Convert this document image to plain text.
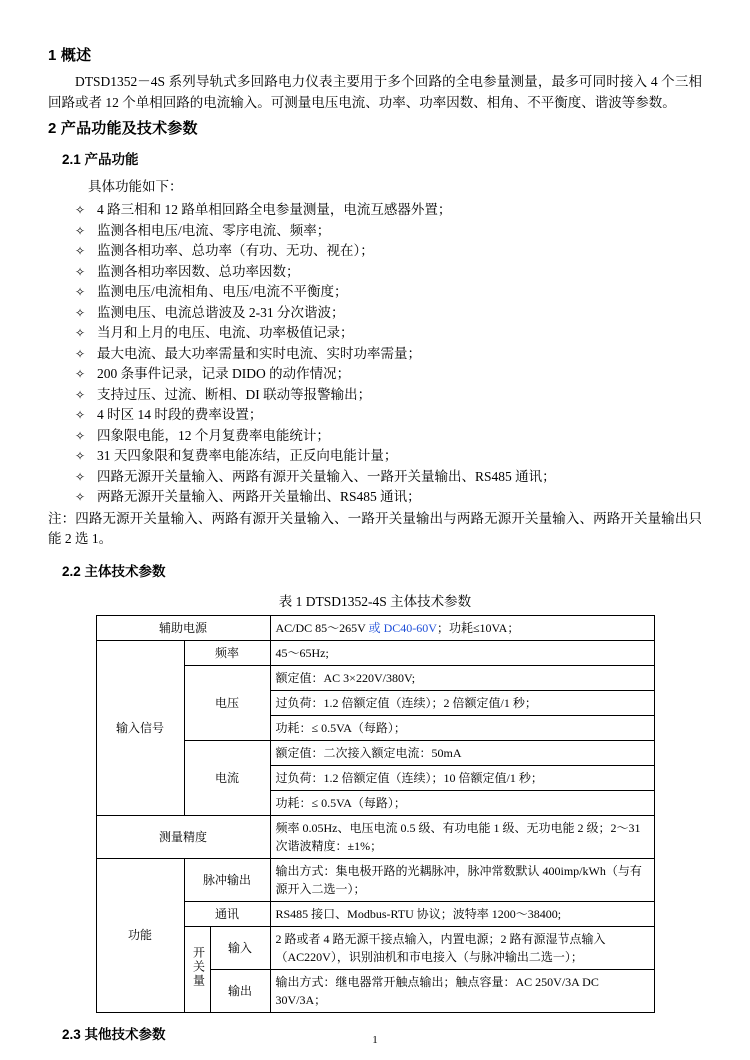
1 概述

DTSD1352－4S 系列导轨式多回路电力仪表主要用于多个回路的全电参量测量，最多可同时接入 4 个三相回路或者 12 个单相回路的电流输入。可测量电压电流、功率、功率因数、相角、不平衡度、谐波等参数。

2 产品功能及技术参数
2.1 产品功能
具体功能如下：
✧ 4 路三相和 12 路单相回路全电参量测量，电流互感器外置；
✧ 监测各相电压/电流、零序电流、频率；
✧ 监测各相功率、总功率（有功、无功、视在）；
✧ 监测各相功率因数、总功率因数；
✧ 监测电压/电流相角、电压/电流不平衡度；
✧ 监测电压、电流总谐波及 2-31 分次谐波；
✧ 当月和上月的电压、电流、功率极值记录；
✧ 最大电流、最大功率需量和实时电流、实时功率需量；
✧ 200 条事件记录，记录 DIDO 的动作情况；
✧ 支持过压、过流、断相、DI 联动等报警输出；
✧ 4 时区 14 时段的费率设置；
✧ 四象限电能，12 个月复费率电能统计；
✧ 31 天四象限和复费率电能冻结，正反向电能计量；
✧ 四路无源开关量输入、两路有源开关量输入、一路开关量输出、RS485 通讯；
✧ 两路无源开关量输入、两路开关量输出、RS485 通讯；

注：四路无源开关量输入、两路有源开关量输入、一路开关量输出与两路无源开关量输入、两路开关量输出只能 2 选 1。

2.2 主体技术参数
表 1 DTSD1352-4S 主体技术参数
辅助电源			AC/DC 85～265V 或 DC40-60V；功耗≤10VA；
输入信号	频率		45～65Hz;
	电压		额定值：AC 3×220V/380V;
			过负荷：1.2 倍额定值（连续）；2 倍额定值/1 秒；
			功耗：≤ 0.5VA（每路）；
	电流		额定值：二次接入额定电流：50mA
			过负荷：1.2 倍额定值（连续）；10 倍额定值/1 秒；
			功耗：≤ 0.5VA（每路）；
测量精度			频率 0.05Hz、电压电流 0.5 级、有功电能 1 级、无功电能 2 级；2～31 次谐波精度：±1%；
功能	脉冲输出		输出方式：集电极开路的光耦脉冲，脉冲常数默认 400imp/kWh（与有源开入二选一）；
	通讯		RS485 接口、Modbus-RTU 协议；波特率 1200～38400;
	开关量	输入	2 路或者 4 路无源干接点输入，内置电源；2 路有源湿节点输入（AC220V），识别油机和市电接入（与脉冲输出二选一）；
		输出	输出方式：继电器常开触点输出；触点容量：AC 250V/3A DC 30V/3A；
2.3 其他技术参数	1
